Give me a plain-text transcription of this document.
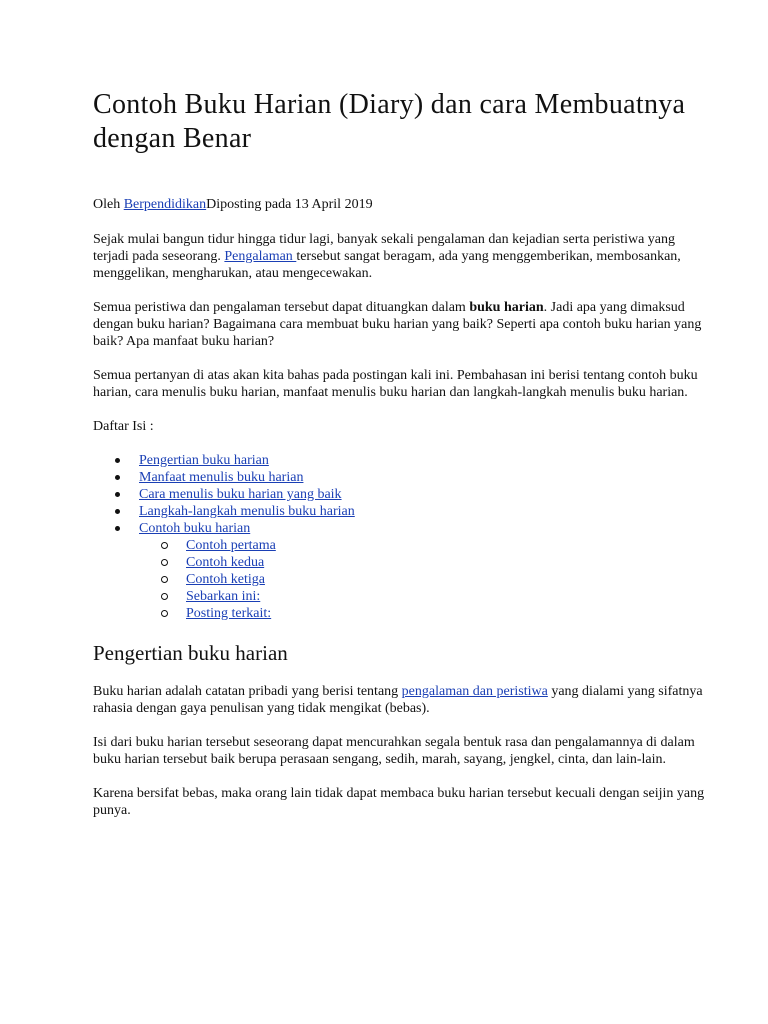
Contoh Buku Harian (Diary) dan cara Membuatnya dengan Benar
Oleh BerpendidikanDiposting pada 13 April 2019

Sejak mulai bangun tidur hingga tidur lagi, banyak sekali pengalaman dan kejadian serta peristiwa yang terjadi pada seseorang. Pengalaman tersebut sangat beragam, ada yang menggemberikan, membosankan, menggelikan, mengharukan, atau mengecewakan.

Semua peristiwa dan pengalaman tersebut dapat dituangkan dalam buku harian. Jadi apa yang dimaksud dengan buku harian? Bagaimana cara membuat buku harian yang baik? Seperti apa contoh buku harian yang baik? Apa manfaat buku harian?

Semua pertanyan di atas akan kita bahas pada postingan kali ini. Pembahasan ini berisi tentang contoh buku harian, cara menulis buku harian, manfaat menulis buku harian dan langkah-langkah menulis buku harian.

Daftar Isi :

Pengertian buku harian
Manfaat menulis buku harian
Cara menulis buku harian yang baik
Langkah-langkah menulis buku harian
Contoh buku harian
Contoh pertama
Contoh kedua
Contoh ketiga
Sebarkan ini:
Posting terkait:
Pengertian buku harian

Buku harian adalah catatan pribadi yang berisi tentang pengalaman dan peristiwa yang dialami yang sifatnya rahasia dengan gaya penulisan yang tidak mengikat (bebas).

Isi dari buku harian tersebut seseorang dapat mencurahkan segala bentuk rasa dan pengalamannya di dalam buku harian tersebut baik berupa perasaan sengang, sedih, marah, sayang, jengkel, cinta, dan lain-lain.

Karena bersifat bebas, maka orang lain tidak dapat membaca buku harian tersebut kecuali dengan seijin yang punya.
